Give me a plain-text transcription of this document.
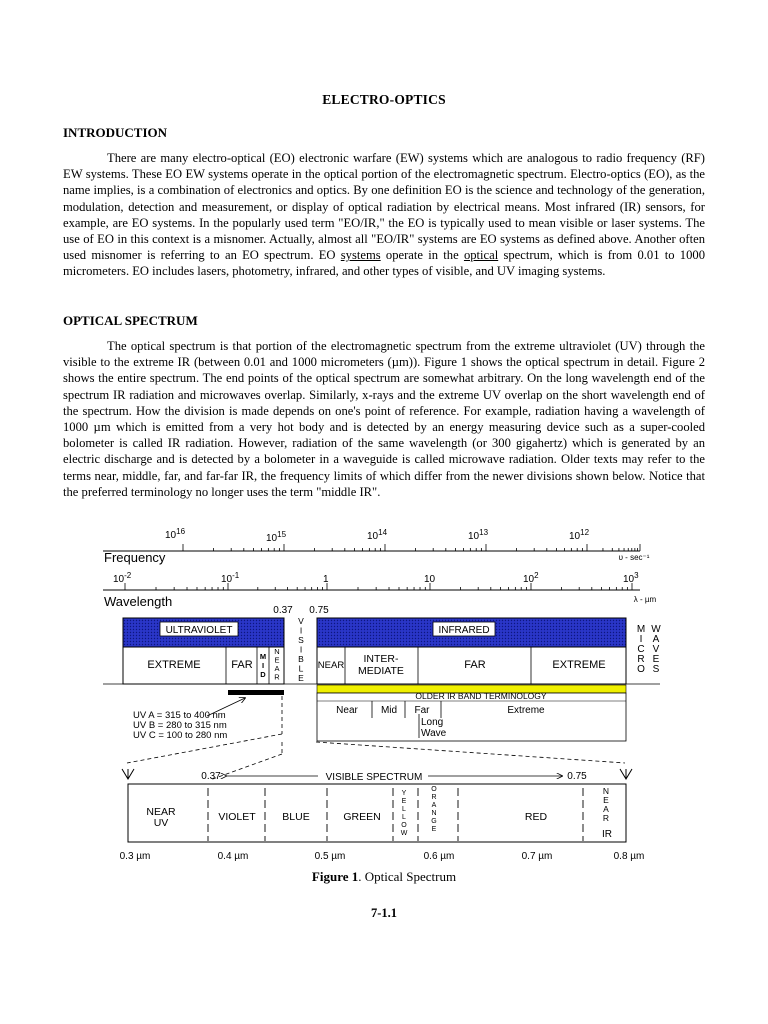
ELECTRO-OPTICS
INTRODUCTION

There are many electro-optical (EO) electronic warfare (EW) systems which are analogous to radio frequency (RF) EW systems. These EO EW systems operate in the optical portion of the electromagnetic spectrum. Electro-optics (EO), as the name implies, is a combination of electronics and optics. By one definition EO is the science and technology of the generation, modulation, detection and measurement, or display of optical radiation by electrical means. Most infrared (IR) sensors, for example, are EO systems. In the popularly used term "EO/IR," the EO is typically used to mean visible or laser systems. The use of EO in this context is a misnomer. Actually, almost all "EO/IR" systems are EO systems as defined above. Another often used misnomer is referring to an EO spectrum. EO systems operate in the optical spectrum, which is from 0.01 to 1000 micrometers. EO includes lasers, photometry, infrared, and other types of visible, and UV imaging systems.

OPTICAL SPECTRUM

The optical spectrum is that portion of the electromagnetic spectrum from the extreme ultraviolet (UV) through the visible to the extreme IR (between 0.01 and 1000 micrometers (µm)). Figure 1 shows the optical spectrum in detail. Figure 2 shows the entire spectrum. The end points of the optical spectrum are somewhat arbitrary. On the long wavelength end of the spectrum IR radiation and microwaves overlap. Similarly, x-rays and the extreme UV overlap on the short wavelength end of the spectrum. How the division is made depends on one's point of reference. For example, radiation having a wavelength of 1000 µm which is emitted from a very hot body and is detected by an energy measuring device such as a super-cooled bolometer is called IR radiation. However, radiation of the same wavelength (or 300 gigahertz) which is generated by an electric discharge and is detected by a bolometer in a waveguide is called microwave radiation. Older texts may refer to the terms near, middle, far, and far-far IR, the frequency limits of which differ from the newer divisions shown below. Notice that the preferred terminology no longer uses the term "middle IR".

$10^{16}$
$10^{15}$	$10^{14}$	$10^{13}$	$10^{12}$
Frequency	υ - sec⁻¹
$10^{-2}$	$10^{-1}$	1	10	$10^2$	$10^3$
Wavelength	λ - µm
0.37 0.75
ULTRAVIOLET	INFRARED
EXTREME	FAR
M I D
N E A R
V I S I B L E
NEAR
INTER-
MEDIATE	FAR	EXTREME
M I C R O
W A V E S
OLDER IR BAND TERMINOLOGY
Near Mid Far	Extreme
Long
Wave
UV A = 315 to 400 nm
UV B = 280 to 315 nm
UV C = 100 to 280 nm
0.37	VISIBLE SPECTRUM	0.75
NEAR
UV	VIOLET	BLUE	GREEN
Y E L L O W
O R A N G E
RED
N E A R
IR
0.3 µm	0.4 µm	0.5 µm	0.6 µm	0.7 µm	0.8 µm
Figure 1. Optical Spectrum
7-1.1
